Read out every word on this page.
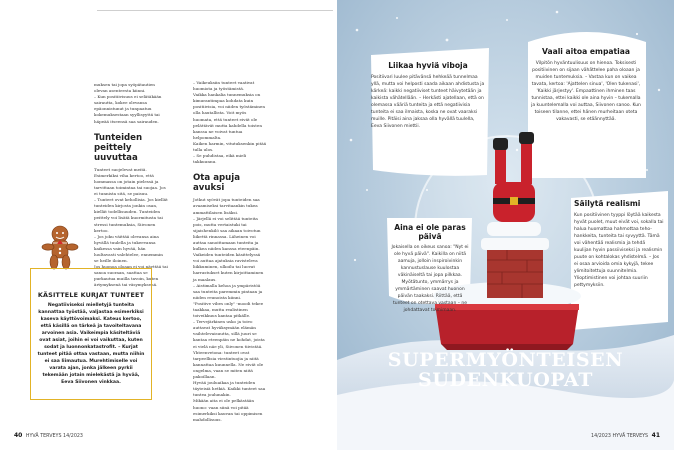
muksen tai jopa syöpätautien olevan asenteesta kiinni.

– Kun positiivisuus ei selätäkään sairautta, kokee olevansa epäonnistunut ja tunpaatuu kokemuksestaan syyllisyyttä tai häpeää itseensä saa sairauden.

Tunteiden peittely uuvuttaa

Tunteet suojelevat meitä. Esimerkiksi viha kertoo, että hommassa on jotain pielessä ja tarvittaan toimintaa tai suojaa. Jos ei tunnista sitä, se paisuu.

– Tunteet ovat kehollisia. Jos kiellät tunteiden kirjosta jonkin osan, kiellät todellisuuden. Tunteiden peittely voi lisätä kuormitusta tai stressi tuntemuksia, Siivonen kertoo.

– Jos joku väittää olevansa aina hyvällä tuulella ja tukeevansa kaikessa vain hyvää, hän luultavasti valehtelee, ennemmin se heille iloinen.

Jos huonoa oloaan ei voi näyttää tai sanoa suoraan, saattaa se purkautua muilla tavoin, kuten ärtymyksenä tai väsymyksenä.

– Vaikeuksiin tunteet vaativat huomiota ja työstämistä.

Vaikka hankalia tunnemuksia on kimurantimpaa kohdata kuin positiivisia, voi niiden työstäminen olla hautallista. Voit myös huomata, että tunteet eivät ole pelättävät mutta kahdella toisten kanssa ne voivat tuntua helpommalta.

Kaiken harmin, vitutuksenkin pitää tulla ulos.

– Se puhdistaa, eikä mieli takkuunnu.

Ota apuja avuksi

Jotkut syövät jopa tunteiden saa avaamiseksi tarvitaankin tukea ammattilaisen lisäksi.

– Järjellä ei voi selittää tunteita pois, mutta vertaistuki tai sijaishenkilö saa aikaan toivotun liikettä rinnassa. Läheinen voi auttaa sanoittamaan tunteita ja kulkea niiden kanssa eteenpäin.

Vaikeiden tunteiden käsittelyssä voi auttaa ajatuksia ravisteleva liikkuminen, ulkoilu tai luovat harrastukset kuten kirjoittaminen ja maalaus.

– Aistimalla kehoa ja ympäristöä saa tunteita paremmin pintaan ja niiden reunoista kiinni.

"Positive vibes only" -moodi tekee taakkaa, mutta realistinen toiveikkuus kantaa pitkälle.

– Tervejärkinen usko ja toivo auttavat hyväksymään elämän vaihtelevaisuutta, sillä juuri se kantaa eteenpäin ne kohdat, joista ei vielä näe yli, Siivonen tiivistää.

Yhteenvetona: tunteet ovat tarpeellisia viestintuojia ja niitä kannattaa kuunnella. Ne eivät ole ongelma, vaan se miten niitä pakoillaan.

Hyvää jouluaikaa ja tunteiden täyteisiä hetkiä. Kaikki tunteet saa tuntea joulunakin.

Mikään aita ei ole pelkästään huono: vaan siinä voi pitää esimerkiksi kauvan tai oppimisen mahdollisuus.

KÄSITTELE KURJAT TUNTEET
Negatiiviseksi mielletyjä tunteita kannattaa työstää, valjastaa esimerkiksi kaseva käyttövoimaksi. Kateus kertoo, että käsillä on tärkeä ja tavoiteltavana arvoinen asia. Vaikeimpia käsiteltäviä ovat asiat, joihin ei voi vaikuttaa, kuten sodat ja luonnonkatastrofit. – Kurjat tunteet pitää ottaa vastaan, mutta niihin ei saa liimautua. Murehtimiselle voi varata ajan, jonka jälkeen pyrkii tekemään jotain mielekästä ja hyvää, Eeva Siivonen vinkkaa.
40 HYVÄ TERVEYS 14/2023
Liikaa hyviä viboja
Positiivari luulee pitävänsä hehkeää tunnelmaa yllä, mutta voi helposti saada aikaan ahdistusta ja kärkeä: kaikki negatiiviset tunteet häivytetään ja kaikista vähätellään. – Herkästi ajatellaan, että on olemassa vääriä tunteita ja että negatiivisia tunteita ei saa ilmaista, koska ne ovat vaaraksi muille. Pitäisi aina jaksaa olla hyvällä tuulella, Eeva Siivonen miettii.
Vaali aitoa empatiaa
Vilpitön hyväntuulisuus on hienoa. Toksisesti positiivinen on sijaan vähättelee paha oloaan ja muiden tuntemuksia. – Vastaa kun on vaikea tavata, kertoa: 'Ajattelen sinua', 'Olen tukenasi', 'Kaikki järjestyy'. Empaattinen ihminen taas tunnistaa, ettei kaikki ole aina hyvin – tukemalla ja kuuntelemalla voi auttaa, Siivonen sanoo. Kun toiseen tilanne, ettei hänen murheitaan oteta vakavasti, se etäännyttää.
Aina ei ole paras päivä
Jokaisella on oikeus sanoa: "Nyt ei ole hyvä päivä". Kaikilla on niitä aamuja, jolloin inspiroivinkin kannustuslause kuulostaa väkinäiseltä tai jopa pilkkaa. Myötätunto, ymmärrys ja ymmärtäminen saavat huonon päivän taakaksi. Riittää, että tunteet on otettava vastaan – ne johdattavat toimimaan.
Säilytä realismi
Kun positiivinen tyyppi löytää kaikesta hyvät puolet, muut eivät voi, sokalla tai halua huomattaa hahmottaa tehohankkeita, tunteita tai syvyyttä. Tämä voi vähentää realismia ja tehdä kuulijan hyvin passiiviseksi ja realismin puute on kohtalokas yhdistelmä. – Jos ei osaa arvioida omia kykyjä, tekee ylimitoitettuja suunnitelmia. Ylioptimistinen voi johtaa suuriin pettymyksiin.
SUPERMYÖNTEISEN
SUDENKUOPAT
14/2023 HYVÄ TERVEYS 41
